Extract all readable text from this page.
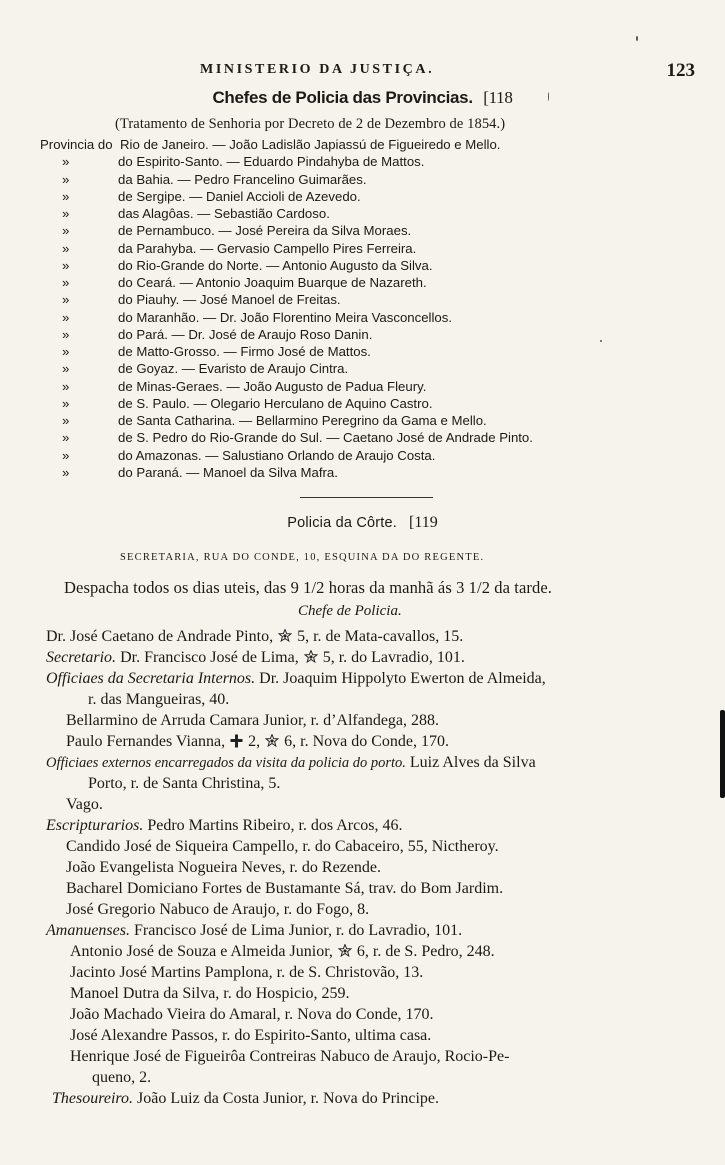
MINISTERIO DA JUSTIÇA.	123
Chefes de Policia das Provincias. [118
(Tratamento de Senhoria por Decreto de 2 de Dezembro de 1854.)
Provincia do Rio de Janeiro. — João Ladislão Japiassú de Figueiredo e Mello.
»	do Espirito-Santo. — Eduardo Pindahyba de Mattos.
»	da Bahia. — Pedro Francelino Guimarães.
»	de Sergipe. — Daniel Accioli de Azevedo.
»	das Alagôas. — Sebastião Cardoso.
»	de Pernambuco. — José Pereira da Silva Moraes.
»	da Parahyba. — Gervasio Campello Pires Ferreira.
»	do Rio-Grande do Norte. — Antonio Augusto da Silva.
»	do Ceará. — Antonio Joaquim Buarque de Nazareth.
»	do Piauhy. — José Manoel de Freitas.
»	do Maranhão. — Dr. João Florentino Meira Vasconcellos.
»	do Pará. — Dr. José de Araujo Roso Danin.
»	de Matto-Grosso. — Firmo José de Mattos.
»	de Goyaz. — Evaristo de Araujo Cintra.
»	de Minas-Geraes. — João Augusto de Padua Fleury.
»	de S. Paulo. — Olegario Herculano de Aquino Castro.
»	de Santa Catharina. — Bellarmino Peregrino da Gama e Mello.
»	de S. Pedro do Rio-Grande do Sul. — Caetano José de Andrade Pinto.
»	do Amazonas. — Salustiano Orlando de Araujo Costa.
»	do Paraná. — Manoel da Silva Mafra.
Policia da Côrte. [119
SECRETARIA, RUA DO CONDE, 10, ESQUINA DA DO REGENTE.
Despacha todos os dias uteis, das 9 1/2 horas da manhã ás 3 1/2 da tarde.
Chefe de Policia.
Dr. José Caetano de Andrade Pinto, 5, r. de Mata-cavallos, 15.
Secretario. Dr. Francisco José de Lima, 5, r. do Lavradio, 101.
Officiaes da Secretaria Internos. Dr. Joaquim Hippolyto Ewerton de Almeida,
r. das Mangueiras, 40.
Bellarmino de Arruda Camara Junior, r. d’Alfandega, 288.
Paulo Fernandes Vianna, 2, 6, r. Nova do Conde, 170.
Officiaes externos encarregados da visita da policia do porto. Luiz Alves da Silva
Porto, r. de Santa Christina, 5.
Vago.
Escripturarios. Pedro Martins Ribeiro, r. dos Arcos, 46.
Candido José de Siqueira Campello, r. do Cabaceiro, 55, Nictheroy.
João Evangelista Nogueira Neves, r. do Rezende.
Bacharel Domiciano Fortes de Bustamante Sá, trav. do Bom Jardim.
José Gregorio Nabuco de Araujo, r. do Fogo, 8.
Amanuenses. Francisco José de Lima Junior, r. do Lavradio, 101.
Antonio José de Souza e Almeida Junior, 6, r. de S. Pedro, 248.
Jacinto José Martins Pamplona, r. de S. Christovão, 13.
Manoel Dutra da Silva, r. do Hospicio, 259.
João Machado Vieira do Amaral, r. Nova do Conde, 170.
José Alexandre Passos, r. do Espirito-Santo, ultima casa.
Henrique José de Figueirôa Contreiras Nabuco de Araujo, Rocio-Pe-
queno, 2.
Thesoureiro. João Luiz da Costa Junior, r. Nova do Principe.
